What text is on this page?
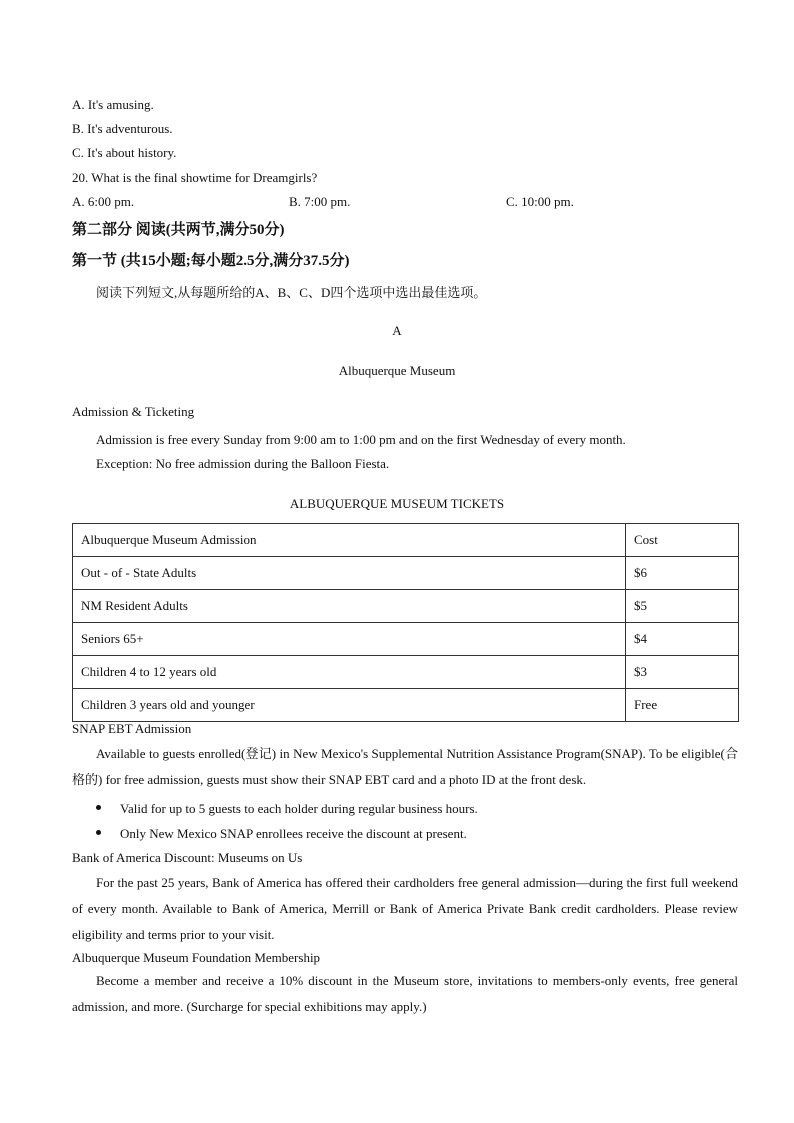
A. It's amusing.
B. It's adventurous.
C. It's about history.
20. What is the final showtime for Dreamgirls?
A. 6:00 pm.	B. 7:00 pm.	C. 10:00 pm.
第二部分 阅读(共两节,满分50分)
第一节 (共15小题;每小题2.5分,满分37.5分)
阅读下列短文,从每题所给的A、B、C、D四个选项中选出最佳选项。
A
Albuquerque Museum
Admission & Ticketing
Admission is free every Sunday from 9:00 am to 1:00 pm and on the first Wednesday of every month.
Exception: No free admission during the Balloon Fiesta.
ALBUQUERQUE MUSEUM TICKETS
Albuquerque Museum Admission	Cost
Out - of - State Adults	$6
NM Resident Adults	$5
Seniors 65+	$4
Children 4 to 12 years old	$3
Children 3 years old and younger	Free
SNAP EBT Admission
Available to guests enrolled(登记) in New Mexico's Supplemental Nutrition Assistance Program(SNAP). To be eligible(合格的) for free admission, guests must show their SNAP EBT card and a photo ID at the front desk.
Valid for up to 5 guests to each holder during regular business hours.
Only New Mexico SNAP enrollees receive the discount at present.
Bank of America Discount: Museums on Us
For the past 25 years, Bank of America has offered their cardholders free general admission—during the first full weekend of every month. Available to Bank of America, Merrill or Bank of America Private Bank credit cardholders. Please review eligibility and terms prior to your visit.
Albuquerque Museum Foundation Membership
Become a member and receive a 10% discount in the Museum store, invitations to members-only events, free general admission, and more. (Surcharge for special exhibitions may apply.)
